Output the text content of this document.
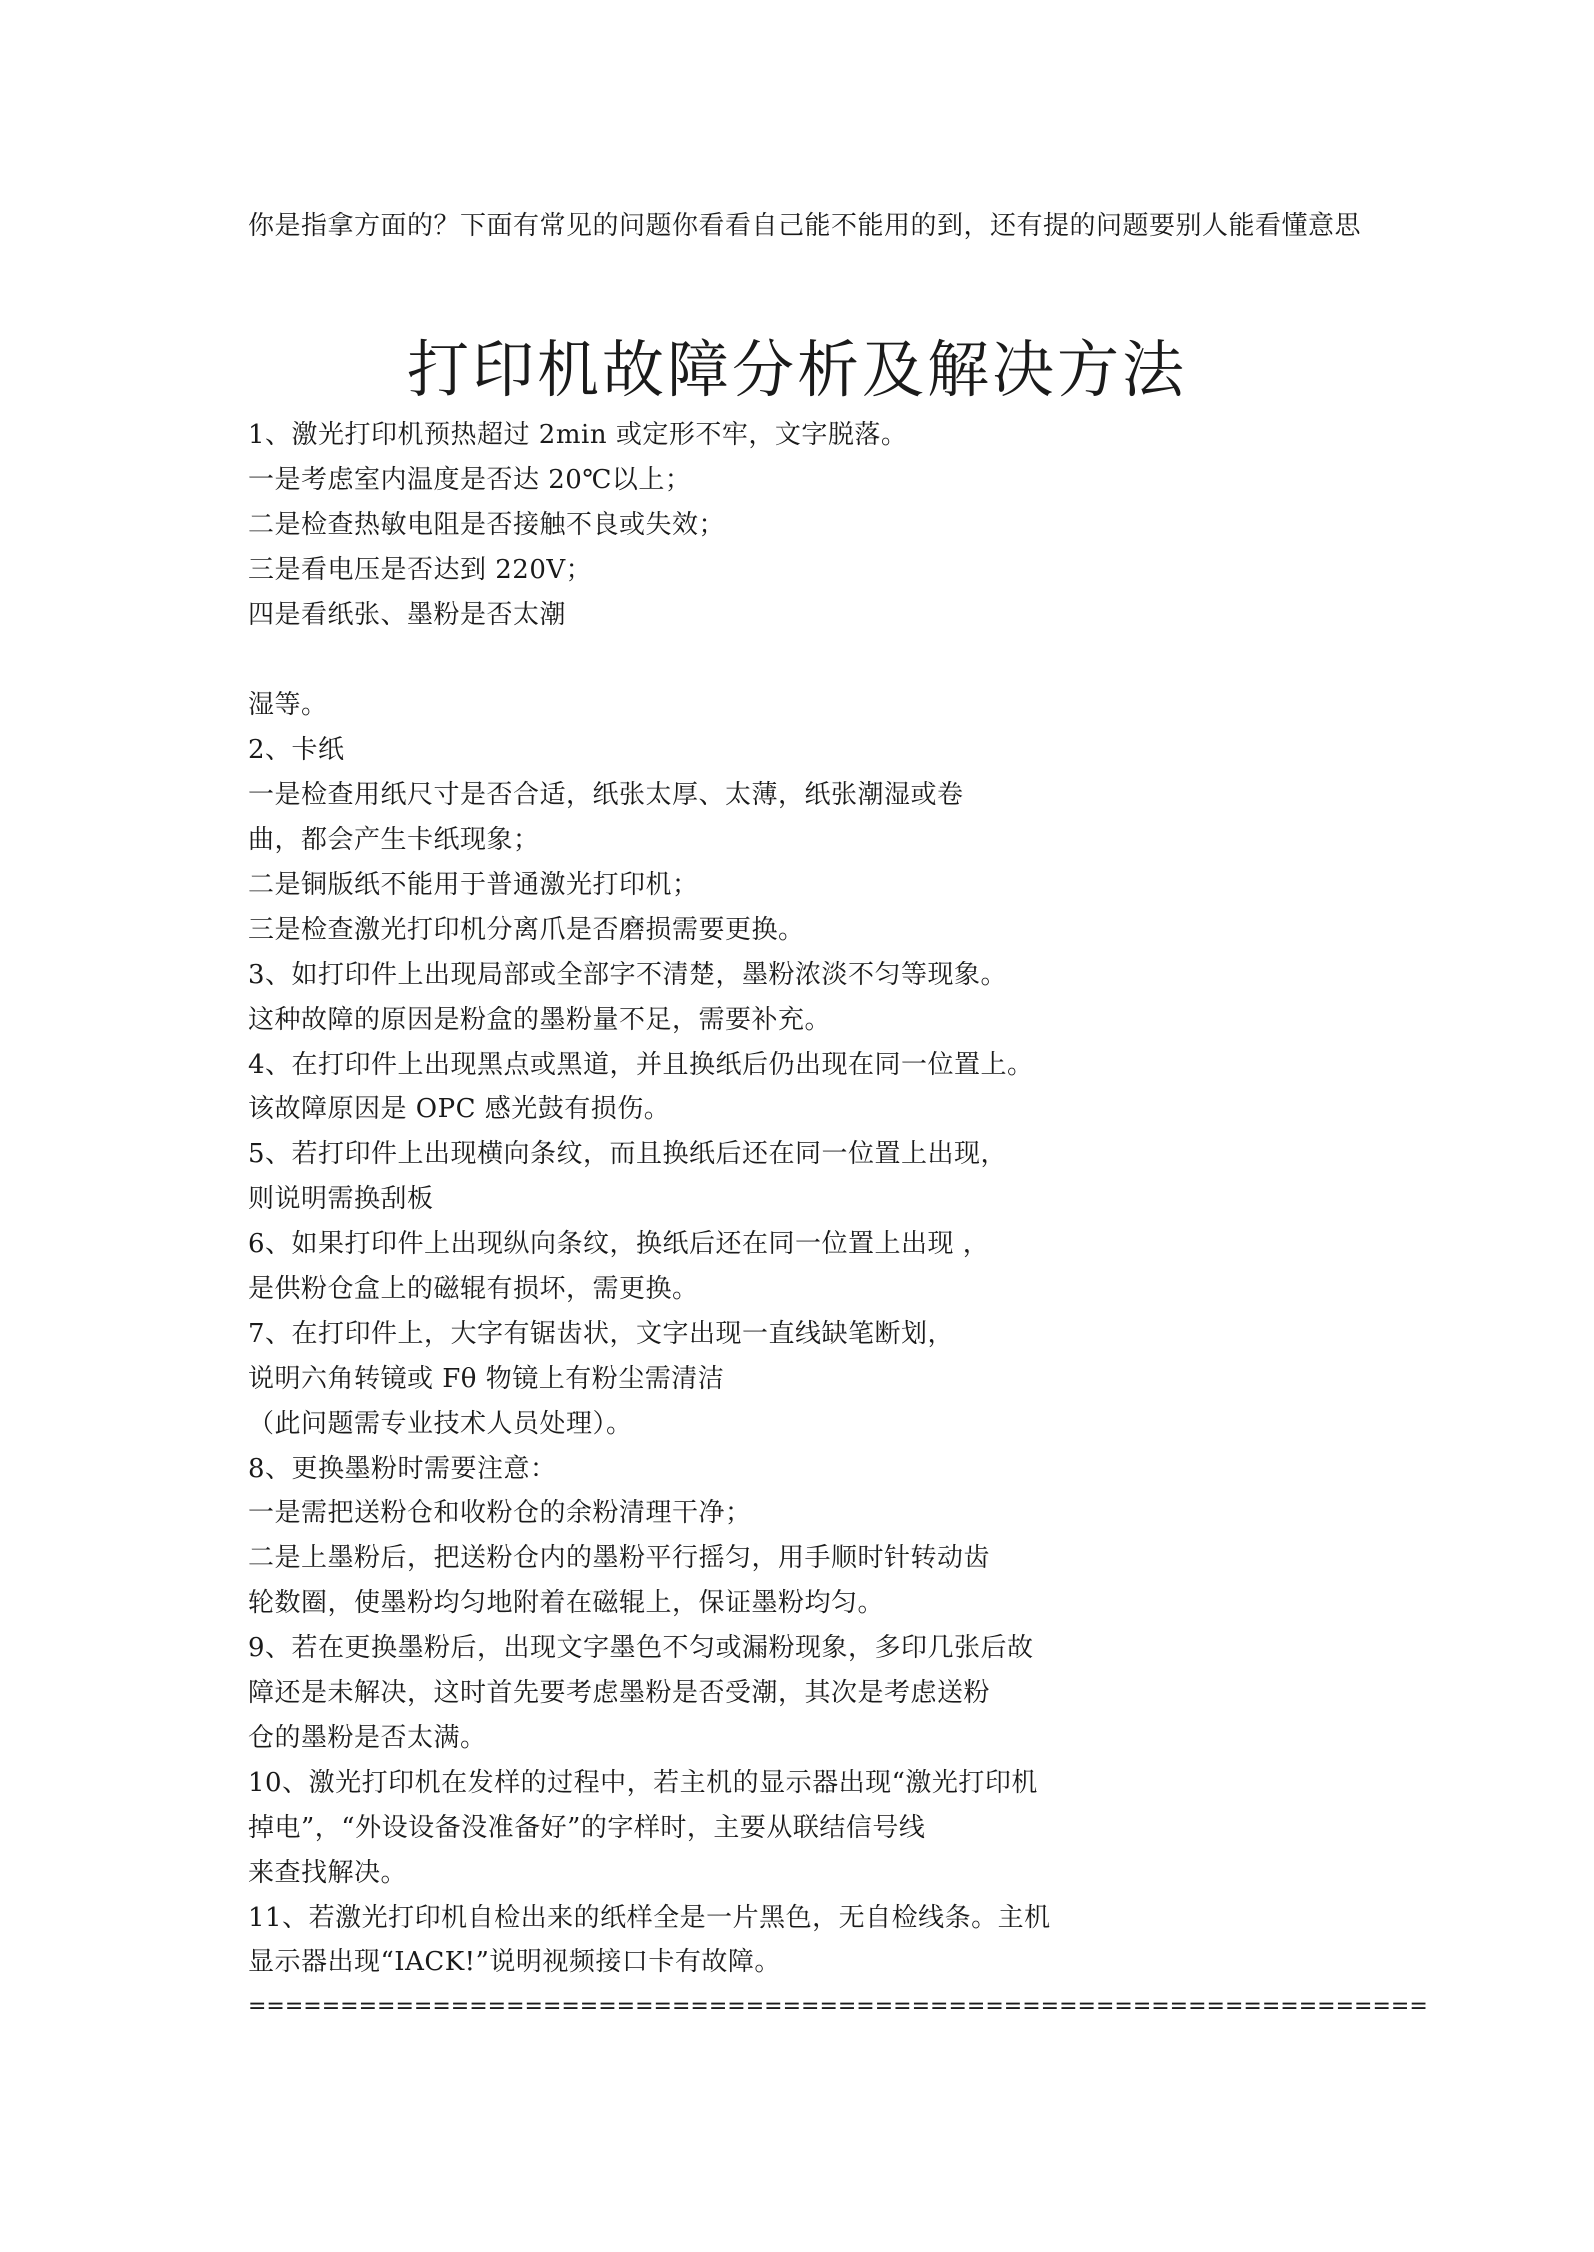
你是指拿方面的？下面有常见的问题你看看自己能不能用的到，还有提的问题要别人能看懂意思

打印机故障分析及解决方法
1、激光打印机预热超过 2min 或定形不牢，文字脱落。
一是考虑室内温度是否达 20℃以上；
二是检查热敏电阻是否接触不良或失效；
三是看电压是否达到 220V；
四是看纸张、墨粉是否太潮
湿等。
2、卡纸
一是检查用纸尺寸是否合适，纸张太厚、太薄，纸张潮湿或卷
曲，都会产生卡纸现象；
二是铜版纸不能用于普通激光打印机；
三是检查激光打印机分离爪是否磨损需要更换。
3、如打印件上出现局部或全部字不清楚，墨粉浓淡不匀等现象。
这种故障的原因是粉盒的墨粉量不足，需要补充。
4、在打印件上出现黑点或黑道，并且换纸后仍出现在同一位置上。
该故障原因是 OPC 感光鼓有损伤。
5、若打印件上出现横向条纹，而且换纸后还在同一位置上出现，
则说明需换刮板
6、如果打印件上出现纵向条纹，换纸后还在同一位置上出现 ，
是供粉仓盒上的磁辊有损坏，需更换。
7、在打印件上，大字有锯齿状，文字出现一直线缺笔断划，
说明六角转镜或 Fθ 物镜上有粉尘需清洁
（此问题需专业技术人员处理）。
8、更换墨粉时需要注意：
一是需把送粉仓和收粉仓的余粉清理干净；
二是上墨粉后，把送粉仓内的墨粉平行摇匀，用手顺时针转动齿
轮数圈，使墨粉均匀地附着在磁辊上，保证墨粉均匀。
9、若在更换墨粉后，出现文字墨色不匀或漏粉现象，多印几张后故
障还是未解决，这时首先要考虑墨粉是否受潮，其次是考虑送粉
仓的墨粉是否太满。
10、激光打印机在发样的过程中，若主机的显示器出现“激光打印机
掉电”，“外设设备没准备好”的字样时，主要从联结信号线
来查找解决。
11、若激光打印机自检出来的纸样全是一片黑色，无自检线条。主机
显示器出现“IACK!”说明视频接口卡有故障。
================================================================
